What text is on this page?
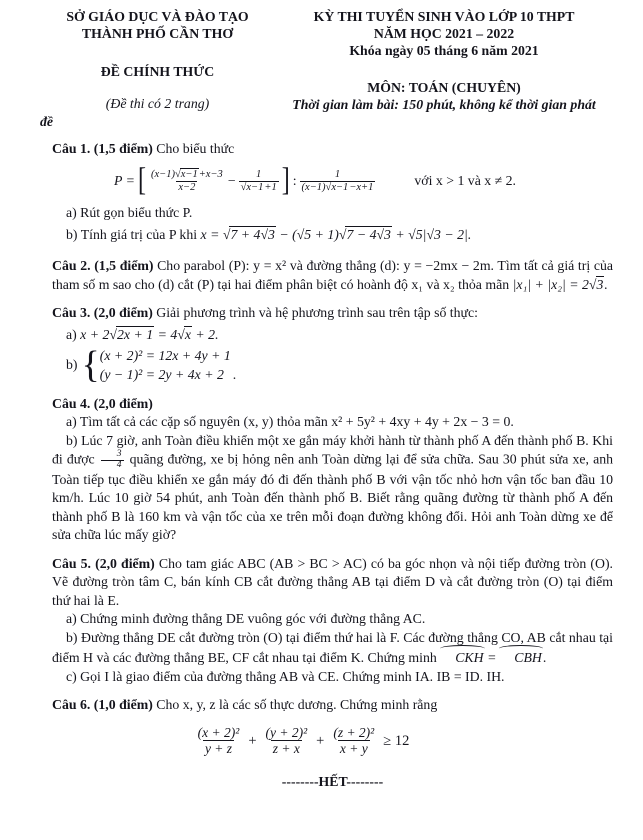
SỞ GIÁO DỤC VÀ ĐÀO TẠO
THÀNH PHỐ CẦN THƠ
ĐỀ CHÍNH THỨC
(Đề thi có 2 trang)
KỲ THI TUYỂN SINH VÀO LỚP 10 THPT
NĂM HỌC 2021 – 2022
Khóa ngày 05 tháng 6 năm 2021
MÔN: TOÁN (CHUYÊN)
Thời gian làm bài: 150 phút, không kể thời gian phát
đề

Câu 1. (1,5 điểm) Cho biểu thức

P = [ $\frac{(x-1)√x-1+x-3}{x-2} - \frac{1}{√x-1+1}$ ] : $\frac{1}{(x-1)√x-1-x+1}$	với x > 1 và x ≠ 2.

a) Rút gọn biểu thức P.

b) Tính giá trị của P khi x = √7 + 4√3 − (√5 + 1)√7 − 4√3 + √5|√3 − 2|.

Câu 2. (1,5 điểm) Cho parabol (P): y = x² và đường thẳng (d): y = −2mx − 2m. Tìm tất cả giá trị của tham số m sao cho (d) cắt (P) tại hai điểm phân biệt có hoành độ x₁ và x₂ thỏa mãn |x₁| + |x₂| = 2√3.

Câu 3. (2,0 điểm) Giải phương trình và hệ phương trình sau trên tập số thực:

a) x + 2√2x + 1 = 4√x + 2.

b) { (x + 2)² = 12x + 4y + 1
(y − 1)² = 2y + 4x + 2 .

Câu 4. (2,0 điểm)

a) Tìm tất cả các cặp số nguyên (x, y) thỏa mãn x² + 5y² + 4xy + 4y + 2x − 3 = 0.

b) Lúc 7 giờ, anh Toàn điều khiển một xe gắn máy khởi hành từ thành phố A đến thành phố B. Khi đi được $\frac{3}{4}$ quãng đường, xe bị hỏng nên anh Toàn dừng lại để sửa chữa. Sau 30 phút sửa xe, anh Toàn tiếp tục điều khiển xe gắn máy đó đi đến thành phố B với vận tốc nhỏ hơn vận tốc ban đầu 10 km/h. Lúc 10 giờ 54 phút, anh Toàn đến thành phố B. Biết rằng quãng đường từ thành phố A đến thành phố B là 160 km và vận tốc của xe trên mỗi đoạn đường không đổi. Hỏi anh Toàn dừng xe để sửa chữa lúc mấy giờ?

Câu 5. (2,0 điểm) Cho tam giác ABC (AB > BC > AC) có ba góc nhọn và nội tiếp đường tròn (O). Vẽ đường tròn tâm C, bán kính CB cắt đường thẳng AB tại điểm D và cắt đường tròn (O) tại điểm thứ hai là E.

a) Chứng minh đường thẳng DE vuông góc với đường thẳng AC.

b) Đường thẳng DE cắt đường tròn (O) tại điểm thứ hai là F. Các đường thẳng CO, AB cắt nhau tại điểm H và các đường thẳng BE, CF cắt nhau tại điểm K. Chứng minh CKH = CBH.

c) Gọi I là giao điểm của đường thẳng AB và CE. Chứng minh IA. IB = ID. IH.

Câu 6. (1,0 điểm) Cho x, y, z là các số thực dương. Chứng minh rằng

$\frac{\text{(x + 2)²}}{y + z} + \frac{\text{(y + 2)²}}{z + x} + \frac{\text{(z + 2)²}}{x + y} \ge 12$
--------HẾT--------
